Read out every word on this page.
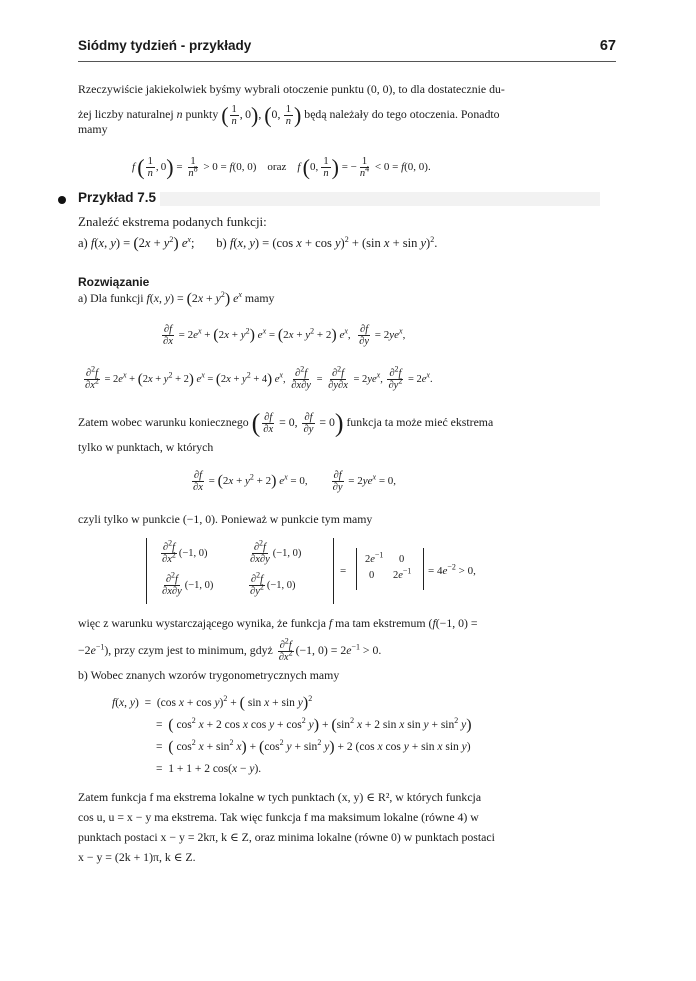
Siódmy tydzień - przykłady	67
Rzeczywiście jakiekolwiek byśmy wybrali otoczenie punktu (0, 0), to dla dostatecznie du-
żej liczby naturalnej n punkty ( $\frac{1}{n}$ , 0), (0,  $\frac{1}{n}$ ) będą należały do tego otoczenia. Ponadto
mamy
f  ( $\frac{1}{n}$ , $0) = \frac{1}{n^8} > 0 = f(0$, 0)    oraz f  (0,  $\frac{1}{n}$ ) = − $\frac{1}{n^4} < 0 = f(0$, 0).
Przykład 7.5
Znaleźć ekstrema podanych funkcji:
a) f(x, $y) = (2x + y^2)$ $e^x$;       b) f(x, y) = (cos x + cos y)$^2$ + (sin x + sin y)$^2$.
Rozwiązanie
a) Dla funkcji f(x, $y) = (2x + y^2)$ $e^x$ mamy
$\frac{\partial f}{\partial x} = 2e^x + (2x + y^2) e^x = (2x + y^2 + 2)$ $e^x$, $\frac{\partial f}{\partial y} = 2ye^x$,
$\frac{\partial^2f}{\partial x^2} = 2e^x + (2x + y^2 + 2) e^x = (2x + y^2 + 4)$ $e^x$, $\frac{\partial^2f}{\partial x\partial y} = \frac{\partial^2f}{\partial y\partial x} = 2ye^x$, $\frac{\partial^2f}{\partial y^2} = 2e^x$.
Zatem wobec warunku koniecznego ( $\frac{\partial f}{\partial x} = 0$, $\frac{\partial f}{\partial y} = 0$) funkcja ta może mieć ekstrema
tylko w punktach, w których
$\frac{\partial f}{\partial x} = (2x + y^2 + 2) e^x = 0$, $\frac{\partial f}{\partial y} = 2ye^x = 0$,
czyli tylko w punkcie (−1, 0). Ponieważ w punkcie tym mamy
$\frac{\partial^2f}{\partial x^2} (-1$, 0)	$\frac{\partial^2f}{\partial x\partial y} (-1$, 0)
$\frac{\partial^2f}{\partial x\partial y} (-1$, 0)	$\frac{\partial^2f}{\partial y^2} (-1$, 0)
=
$2e^{-1}$ 0
0 $2e^{-1} = 4e^{-2} > 0$,
więc z warunku wystarczającego wynika, że funkcja f ma tam ekstremum (f(−1, 0) =
$-2e^{-1}$), przy czym jest to minimum, gdyż $\frac{\partial^2f}{\partial x^2} (-1$, $0) = 2e^{-1} > 0$.
b) Wobec znanych wzorów trygonometrycznych mamy
f(x, y)  =  (cos x + cos y)$^2$ + ( sin x + sin y)$^2$
=  ( $\cos^2 x + 2$ cos x $\cos y + \cos^2 y) + (\sin^2$ x + 2 sin x $\sin y + \sin^2 y$)
=  ( $\cos^2 x + \sin^2 x) + (\cos^2$ $y + \sin^2 y) + 2$ (cos x cos y + sin x sin y)
=  1 + 1 + 2 cos(x − y).
Zatem funkcja f ma ekstrema lokalne w tych punktach (x, y) ∈ R², w których funkcja
cos u, u = x − y ma ekstrema. Tak więc funkcja f ma maksimum lokalne (równe 4) w
punktach postaci x − y = 2kπ, k ∈ Z, oraz minima lokalne (równe 0) w punktach postaci
x − y = (2k + 1)π, k ∈ Z.
